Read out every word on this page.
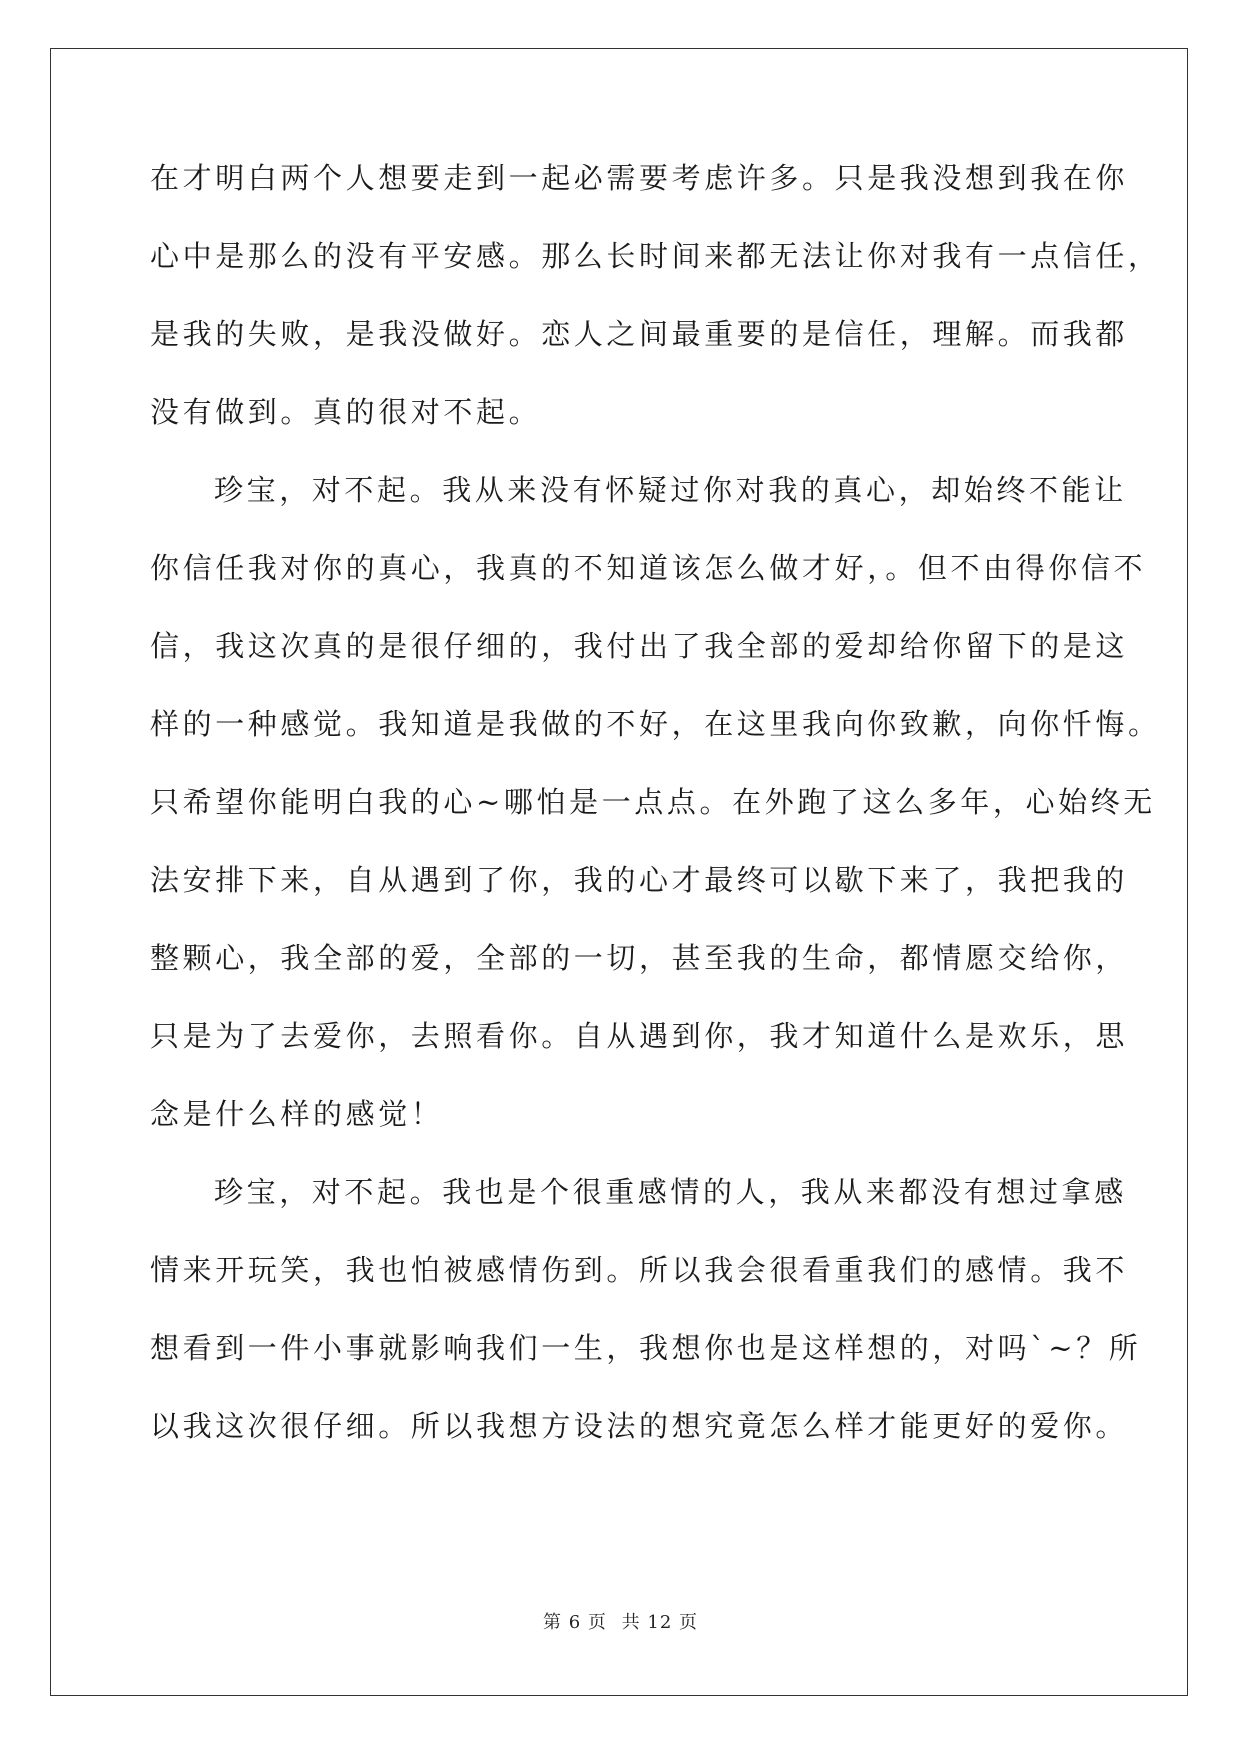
在才明白两个人想要走到一起必需要考虑许多。只是我没想到我在你
心中是那么的没有平安感。那么长时间来都无法让你对我有一点信任，
是我的失败，是我没做好。恋人之间最重要的是信任，理解。而我都
没有做到。真的很对不起。
珍宝，对不起。我从来没有怀疑过你对我的真心，却始终不能让
你信任我对你的真心，我真的不知道该怎么做才好，。但不由得你信不
信，我这次真的是很仔细的，我付出了我全部的爱却给你留下的是这
样的一种感觉。我知道是我做的不好，在这里我向你致歉，向你忏悔。
只希望你能明白我的心~哪怕是一点点。在外跑了这么多年，心始终无
法安排下来，自从遇到了你，我的心才最终可以歇下来了，我把我的
整颗心，我全部的爱，全部的一切，甚至我的生命，都情愿交给你，
只是为了去爱你，去照看你。自从遇到你，我才知道什么是欢乐，思
念是什么样的感觉！
珍宝，对不起。我也是个很重感情的人，我从来都没有想过拿感
情来开玩笑，我也怕被感情伤到。所以我会很看重我们的感情。我不
想看到一件小事就影响我们一生，我想你也是这样想的，对吗`~？所
以我这次很仔细。所以我想方设法的想究竟怎么样才能更好的爱你。
第 6 页 共 12 页
